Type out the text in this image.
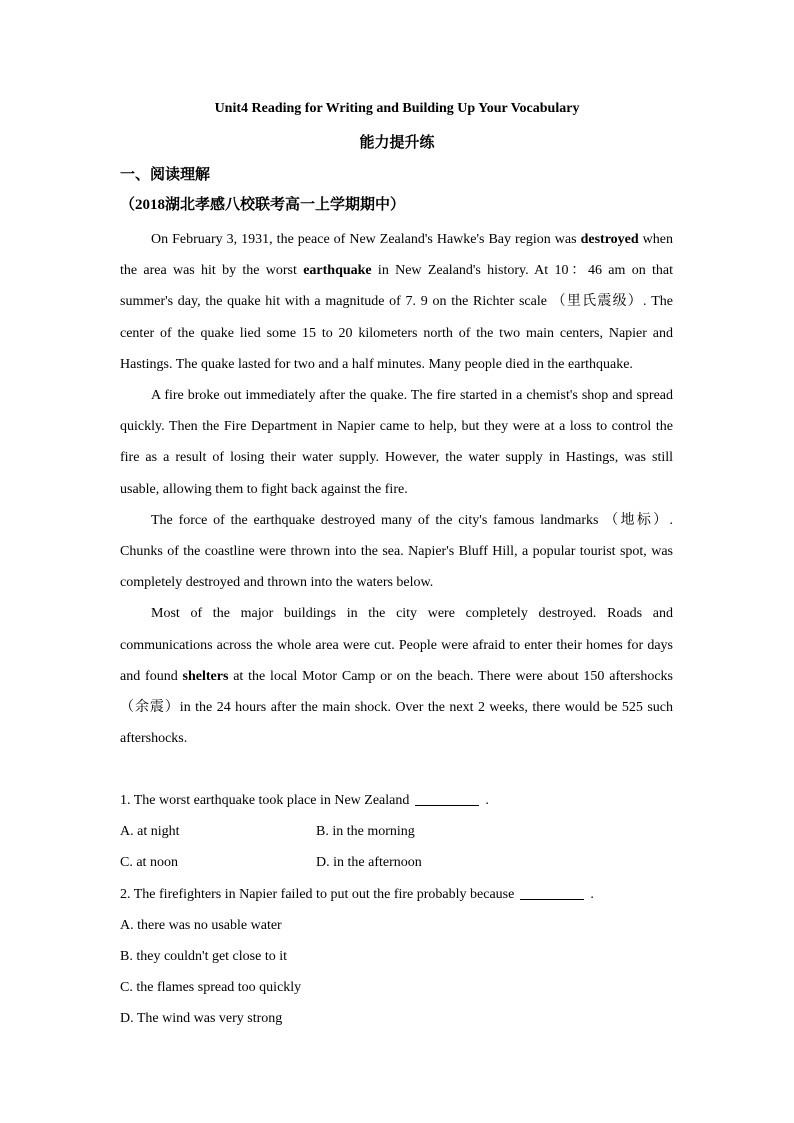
Unit4 Reading for Writing and Building Up Your Vocabulary
能力提升练
一、阅读理解
（2018湖北孝感八校联考高一上学期期中）

On February 3, 1931, the peace of New Zealand's Hawke's Bay region was destroyed when the area was hit by the worst earthquake in New Zealand's history. At 10：46 am on that summer's day, the quake hit with a magnitude of 7. 9 on the Richter scale （里氏震级）. The center of the quake lied some 15 to 20 kilometers north of the two main centers, Napier and Hastings. The quake lasted for two and a half minutes. Many people died in the earthquake.

A fire broke out immediately after the quake. The fire started in a chemist's shop and spread quickly. Then the Fire Department in Napier came to help, but they were at a loss to control the fire as a result of losing their water supply. However, the water supply in Hastings, was still usable, allowing them to fight back against the fire.

The force of the earthquake destroyed many of the city's famous landmarks （地标）. Chunks of the coastline were thrown into the sea. Napier's Bluff Hill, a popular tourist spot, was completely destroyed and thrown into the waters below.

Most of the major buildings in the city were completely destroyed. Roads and communications across the whole area were cut. People were afraid to enter their homes for days and found shelters at the local Motor Camp or on the beach. There were about 150 aftershocks （余震）in the 24 hours after the main shock. Over the next 2 weeks, there would be 525 such aftershocks.

1. The worst earthquake took place in New Zealand	.
A. at night	B. in the morning
C. at noon	D. in the afternoon
2. The firefighters in Napier failed to put out the fire probably because	.
A. there was no usable water
B. they couldn't get close to it
C. the flames spread too quickly
D. The wind was very strong
